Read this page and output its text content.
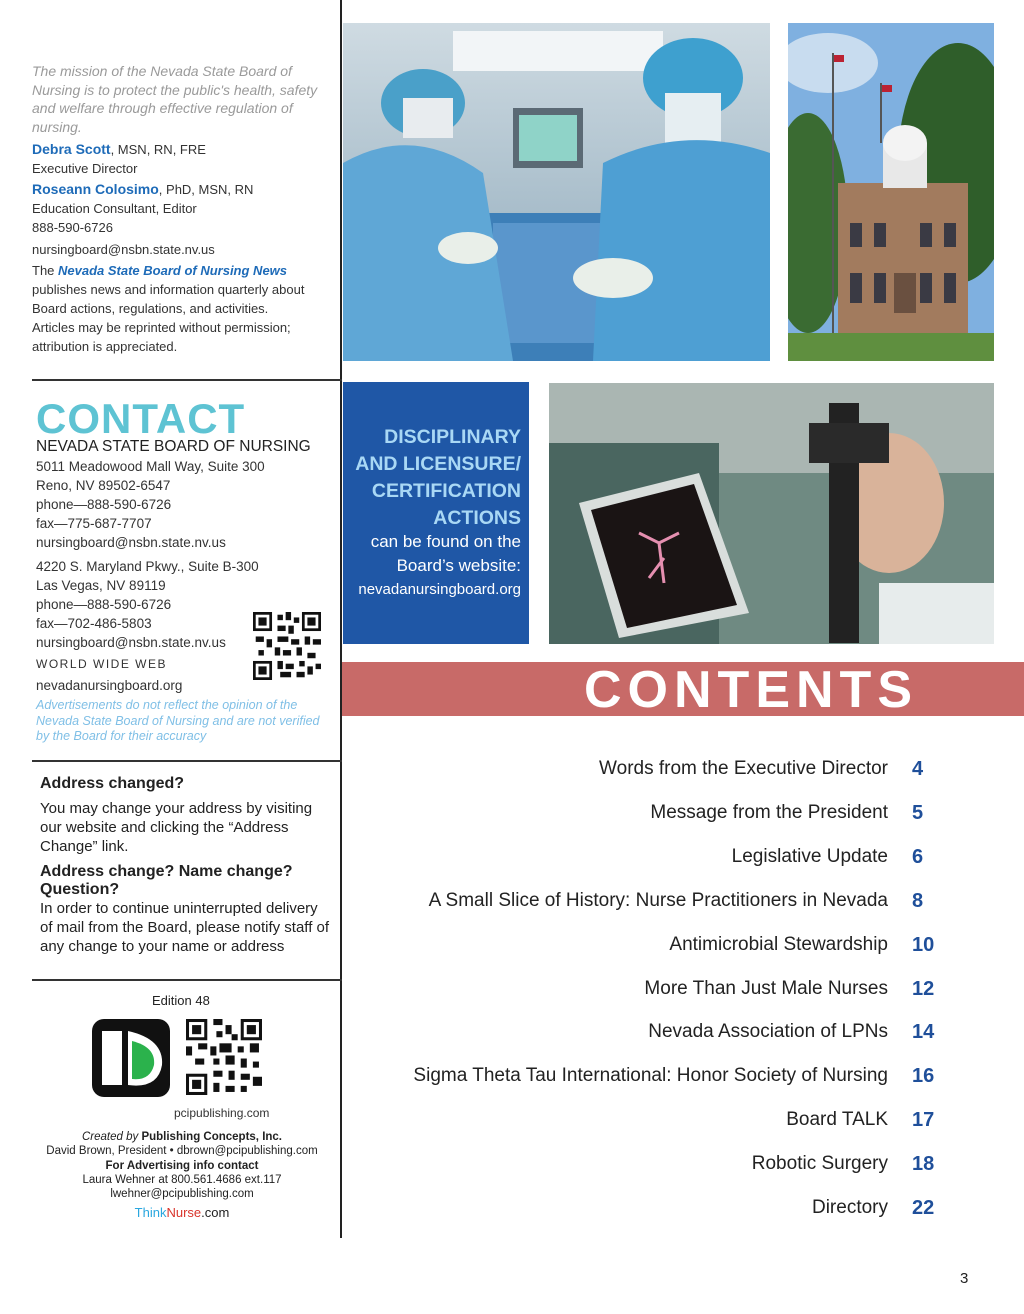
The mission of the Nevada State Board of Nursing is to protect the public's health, safety and welfare through effective regulation of nursing.
Debra Scott, MSN, RN, FRE
Executive Director
Roseann Colosimo, PhD, MSN, RN
Education Consultant, Editor
888-590-6726
nursingboard@nsbn.state.nv.us
The Nevada State Board of Nursing News publishes news and information quarterly about Board actions, regulations, and activities. Articles may be reprinted without permission; attribution is appreciated.
CONTACT
NEVADA STATE BOARD OF NURSING
5011 Meadowood Mall Way, Suite 300
Reno, NV 89502-6547
phone—888-590-6726
fax—775-687-7707
nursingboard@nsbn.state.nv.us
4220 S. Maryland Pkwy., Suite B-300
Las Vegas, NV 89119
phone—888-590-6726
fax—702-486-5803
nursingboard@nsbn.state.nv.us
WORLD WIDE WEB
nevadanursingboard.org
Advertisements do not reflect the opinion of the Nevada State Board of Nursing and are not verified by the Board for their accuracy
Address changed?
You may change your address by visiting our website and clicking the “Address Change” link.
Address change? Name change? Question?
In order to continue uninterrupted delivery of mail from the Board, please notify staff of any change to your name or address
Edition 48
pcipublishing.com
Created by Publishing Concepts, Inc.
David Brown, President • dbrown@pcipublishing.com
For Advertising info contact
Laura Wehner at 800.561.4686 ext.117
lwehner@pcipublishing.com
ThinkNurse.com
DISCIPLINARY
AND LICENSURE/
CERTIFICATION
ACTIONS
can be found on the Board’s website:
nevadanursingboard.org
CONTENTS
Words from the Executive Director 4
Message from the President 5
Legislative Update 6
A Small Slice of History: Nurse Practitioners in Nevada 8
Antimicrobial Stewardship 10
More Than Just Male Nurses 12
Nevada Association of LPNs 14
Sigma Theta Tau International: Honor Society of Nursing 16
Board TALK 17
Robotic Surgery 18
Directory 22
3
